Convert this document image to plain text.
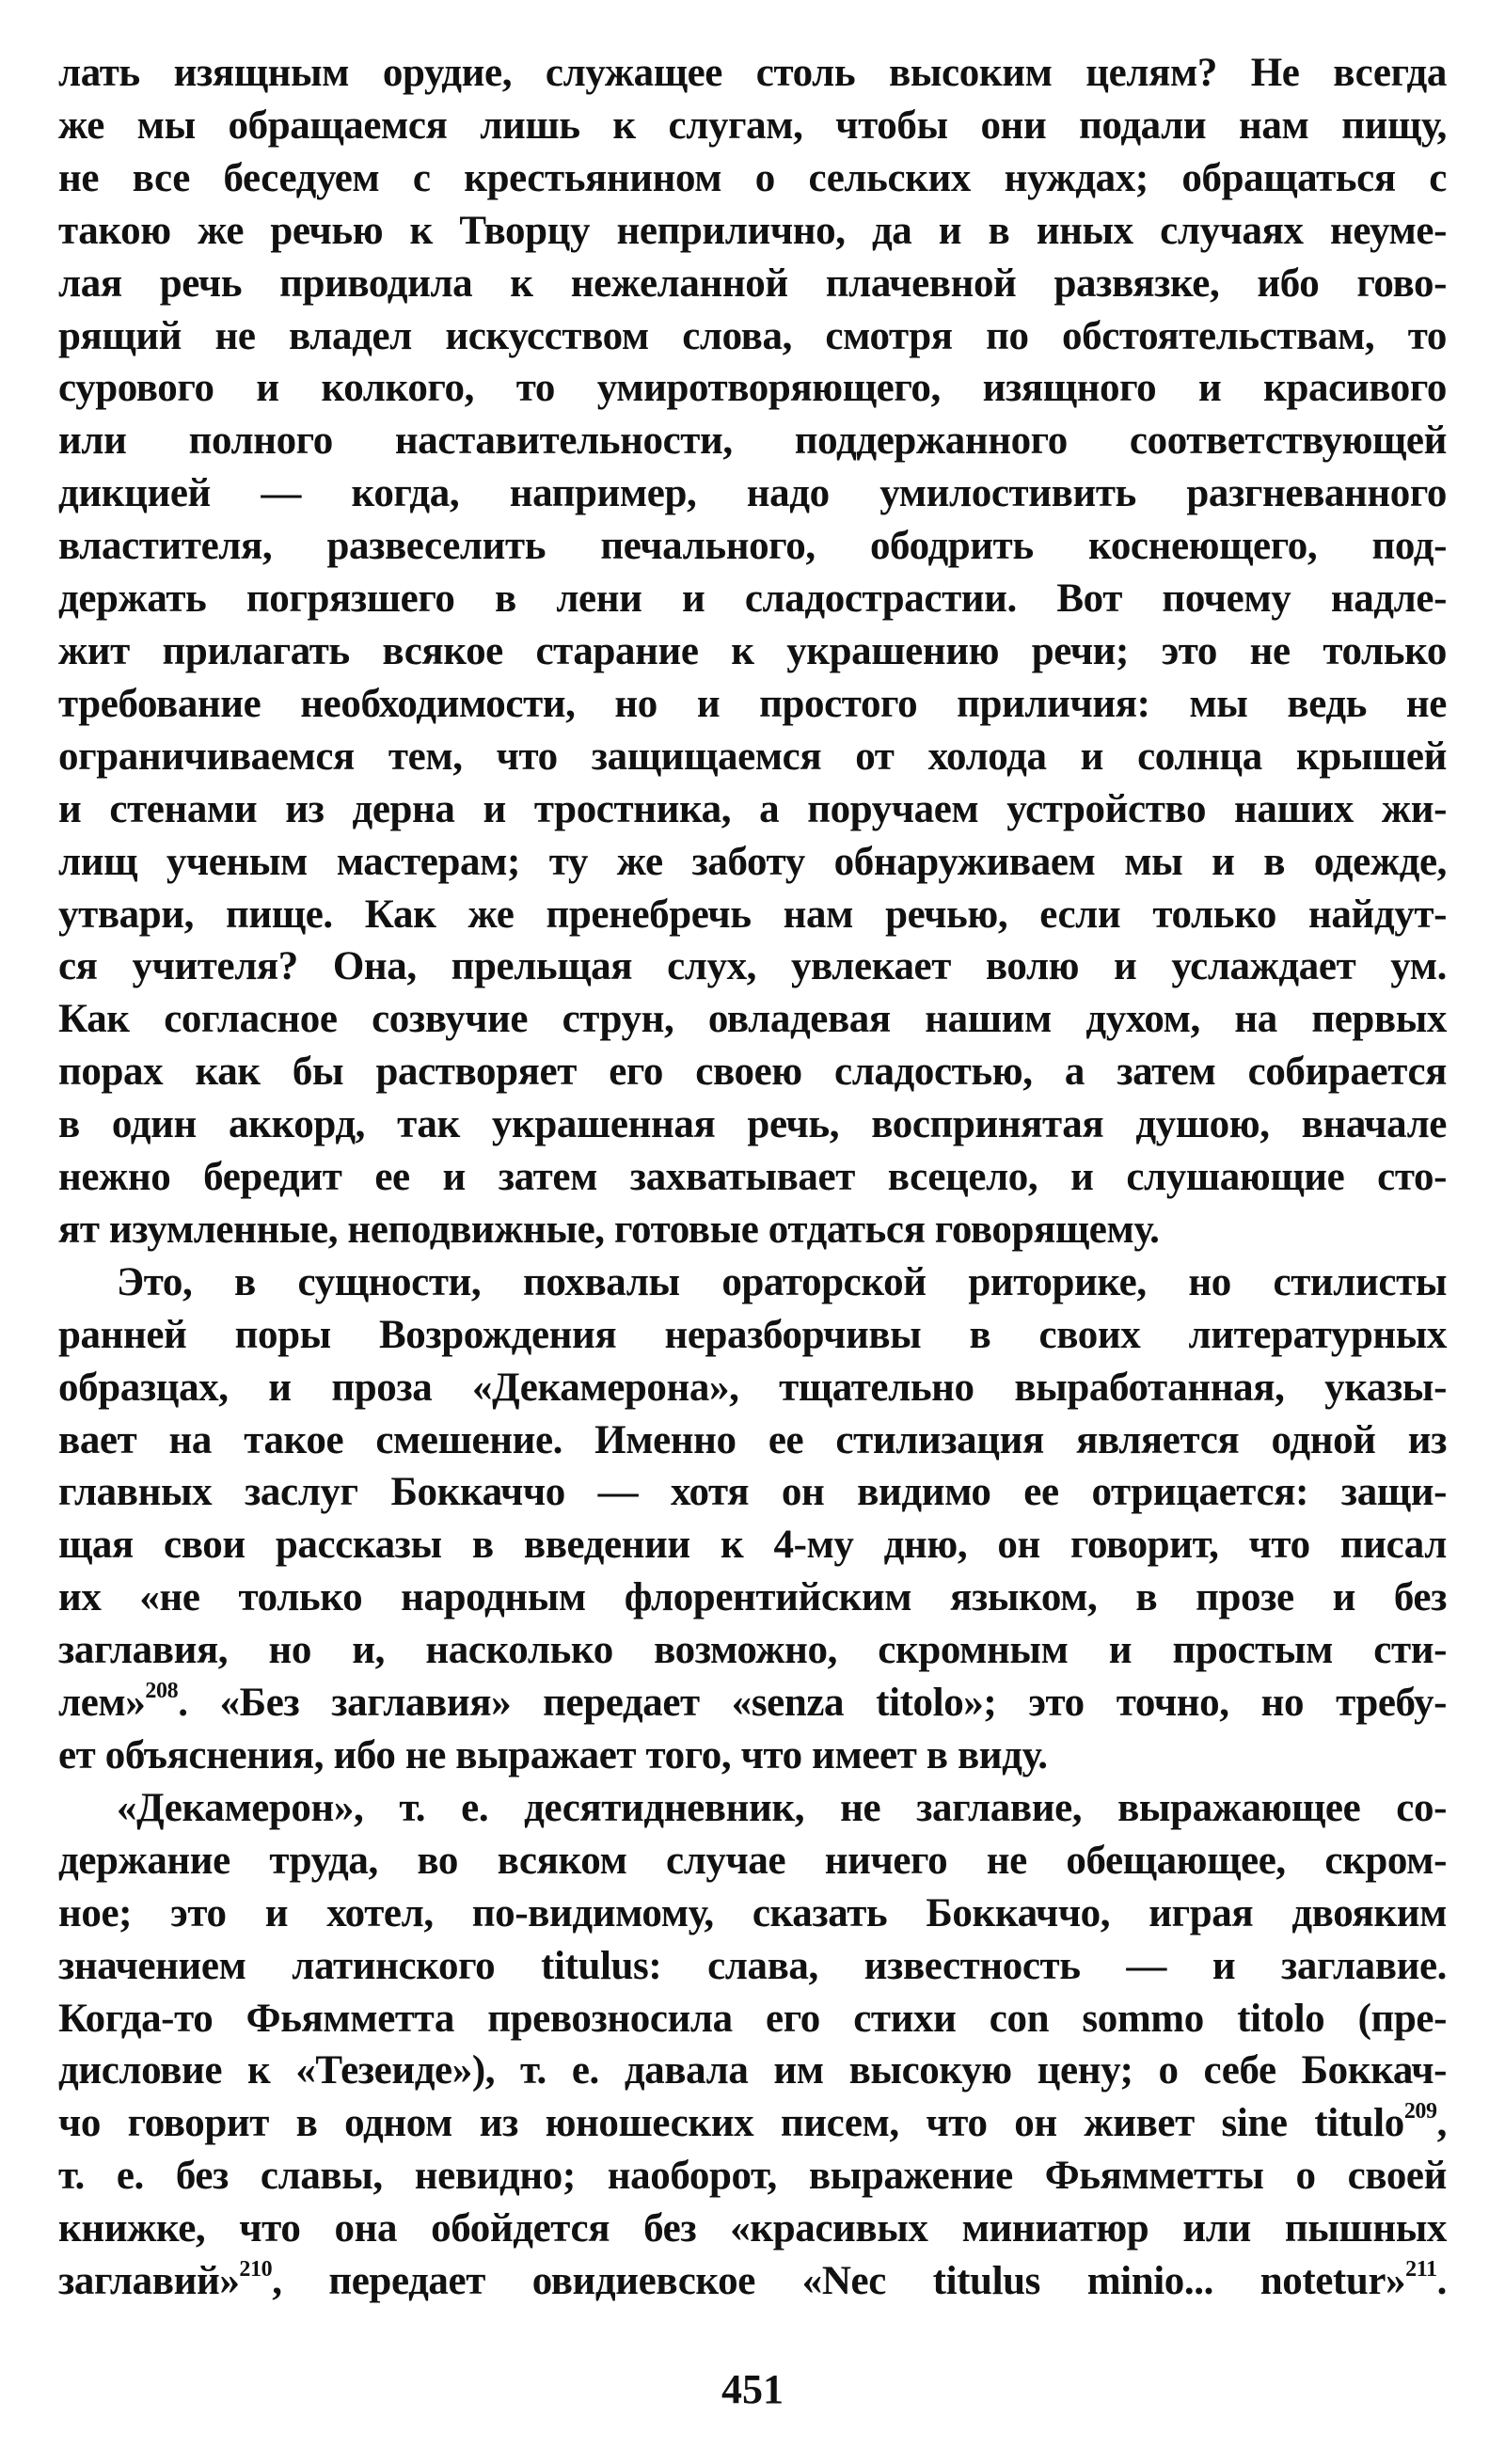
лать изящным орудие, служащее столь высоким целям? Не всегда
же мы обращаемся лишь к слугам, чтобы они подали нам пищу,
не все беседуем с крестьянином о сельских нуждах; обращаться с
такою же речью к Творцу неприлично, да и в иных случаях неуме-
лая речь приводила к нежеланной плачевной развязке, ибо гово-
рящий не владел искусством слова, смотря по обстоятельствам, то
сурового и колкого, то умиротворяющего, изящного и красивого
или полного наставительности, поддержанного соответствующей
дикцией — когда, например, надо умилостивить разгневанного
властителя, развеселить печального, ободрить коснеющего, под-
держать погрязшего в лени и сладострастии. Вот почему надле-
жит прилагать всякое старание к украшению речи; это не только
требование необходимости, но и простого приличия: мы ведь не
ограничиваемся тем, что защищаемся от холода и солнца крышей
и стенами из дерна и тростника, а поручаем устройство наших жи-
лищ ученым мастерам; ту же заботу обнаруживаем мы и в одежде,
утвари, пище. Как же пренебречь нам речью, если только найдут-
ся учителя? Она, прельщая слух, увлекает волю и услаждает ум.
Как согласное созвучие струн, овладевая нашим духом, на первых
порах как бы растворяет его своею сладостью, а затем собирается
в один аккорд, так украшенная речь, воспринятая душою, вначале
нежно бередит ее и затем захватывает всецело, и слушающие сто-
ят изумленные, неподвижные, готовые отдаться говорящему.

Это, в сущности, похвалы ораторской риторике, но стилисты
ранней поры Возрождения неразборчивы в своих литературных
образцах, и проза «Декамерона», тщательно выработанная, указы-
вает на такое смешение. Именно ее стилизация является одной из
главных заслуг Боккаччо — хотя он видимо ее отрицается: защи-
щая свои рассказы в введении к 4-му дню, он говорит, что писал
их «не только народным флорентийским языком, в прозе и без
заглавия, но и, насколько возможно, скромным и простым сти-
лем»$^{208}$. «Без заглавия» передает «senza titolo»; это точно, но требу-
ет объяснения, ибо не выражает того, что имеет в виду.

«Декамерон», т. е. десятидневник, не заглавие, выражающее со-
держание труда, во всяком случае ничего не обещающее, скром-
ное; это и хотел, по-видимому, сказать Боккаччо, играя двояким
значением латинского titulus: слава, известность — и заглавие.
Когда-то Фьямметта превозносила его стихи con sommo titolo (пре-
дисловие к «Тезеиде»), т. е. давала им высокую цену; о себе Боккач-
чо говорит в одном из юношеских писем, что он живет sine titulo$^{209}$,
т. е. без славы, невидно; наоборот, выражение Фьямметты о своей
книжке, что она обойдется без «красивых миниатюр или пышных
заглавий»$^{210}$, передает овидиевское «Nec titulus minio... notetur»$^{211}$.

451
